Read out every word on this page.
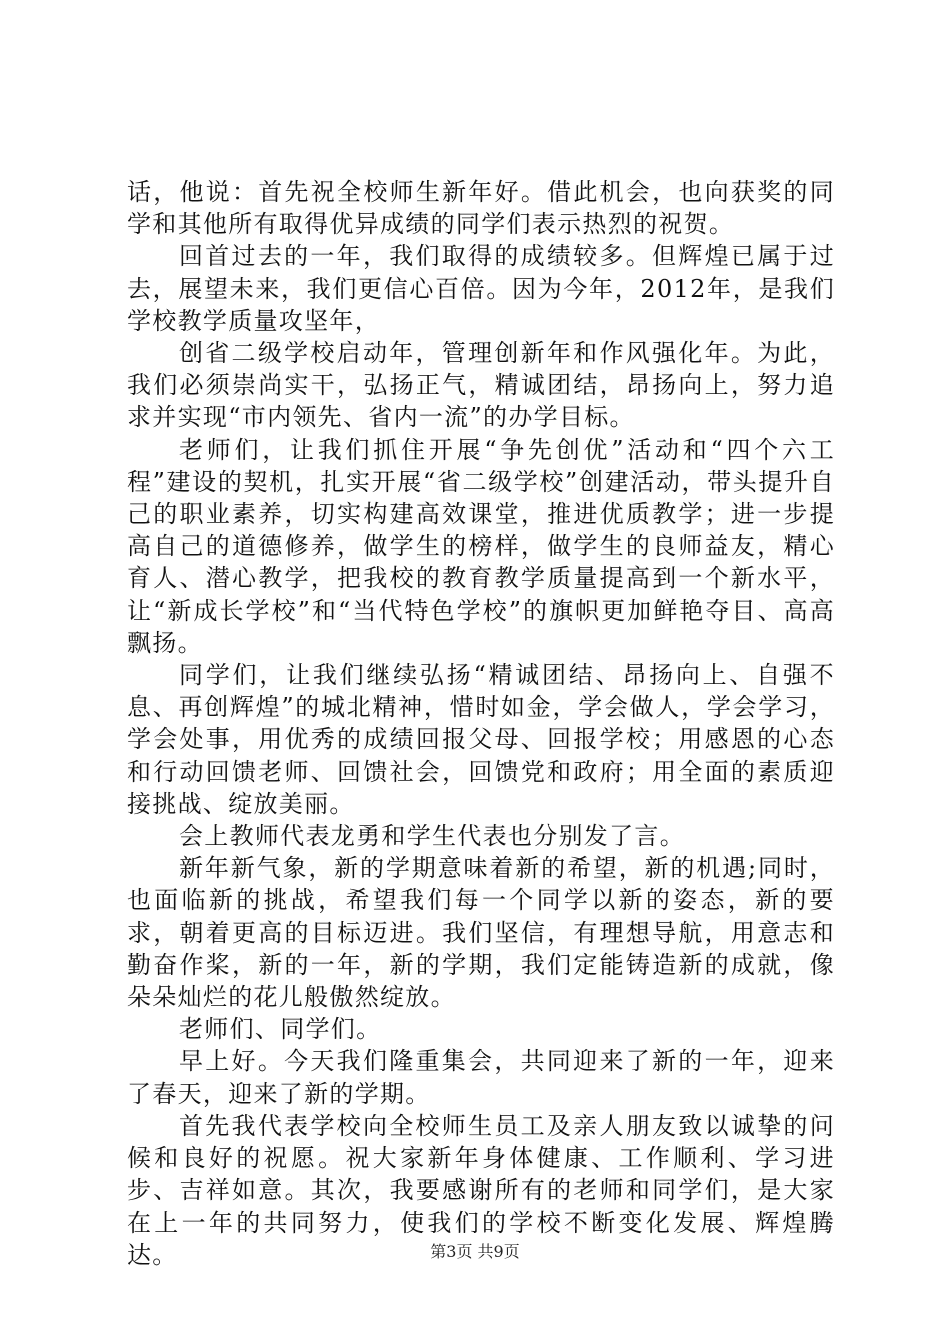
话，他说：首先祝全校师生新年好。借此机会，也向获奖的同学和其他所有取得优异成绩的同学们表示热烈的祝贺。

回首过去的一年，我们取得的成绩较多。但辉煌已属于过去，展望未来，我们更信心百倍。因为今年，2012年，是我们学校教学质量攻坚年，

创省二级学校启动年，管理创新年和作风强化年。为此，我们必须崇尚实干，弘扬正气，精诚团结，昂扬向上，努力追求并实现“市内领先、省内一流”的办学目标。

老师们，让我们抓住开展“争先创优”活动和“四个六工程”建设的契机，扎实开展“省二级学校”创建活动，带头提升自己的职业素养，切实构建高效课堂，推进优质教学；进一步提高自己的道德修养，做学生的榜样，做学生的良师益友，精心育人、潜心教学，把我校的教育教学质量提高到一个新水平，让“新成长学校”和“当代特色学校”的旗帜更加鲜艳夺目、高高飘扬。

同学们，让我们继续弘扬“精诚团结、昂扬向上、自强不息、再创辉煌”的城北精神，惜时如金，学会做人，学会学习，学会处事，用优秀的成绩回报父母、回报学校；用感恩的心态和行动回馈老师、回馈社会，回馈党和政府；用全面的素质迎接挑战、绽放美丽。

会上教师代表龙勇和学生代表也分别发了言。

新年新气象，新的学期意味着新的希望，新的机遇;同时，也面临新的挑战，希望我们每一个同学以新的姿态，新的要求，朝着更高的目标迈进。我们坚信，有理想导航，用意志和勤奋作桨，新的一年，新的学期，我们定能铸造新的成就，像朵朵灿烂的花儿般傲然绽放。

老师们、同学们。

早上好。今天我们隆重集会，共同迎来了新的一年，迎来了春天，迎来了新的学期。

首先我代表学校向全校师生员工及亲人朋友致以诚挚的问候和良好的祝愿。祝大家新年身体健康、工作顺利、学习进步、吉祥如意。其次，我要感谢所有的老师和同学们，是大家在上一年的共同努力，使我们的学校不断变化发展、辉煌腾达。	第3页 共9页
